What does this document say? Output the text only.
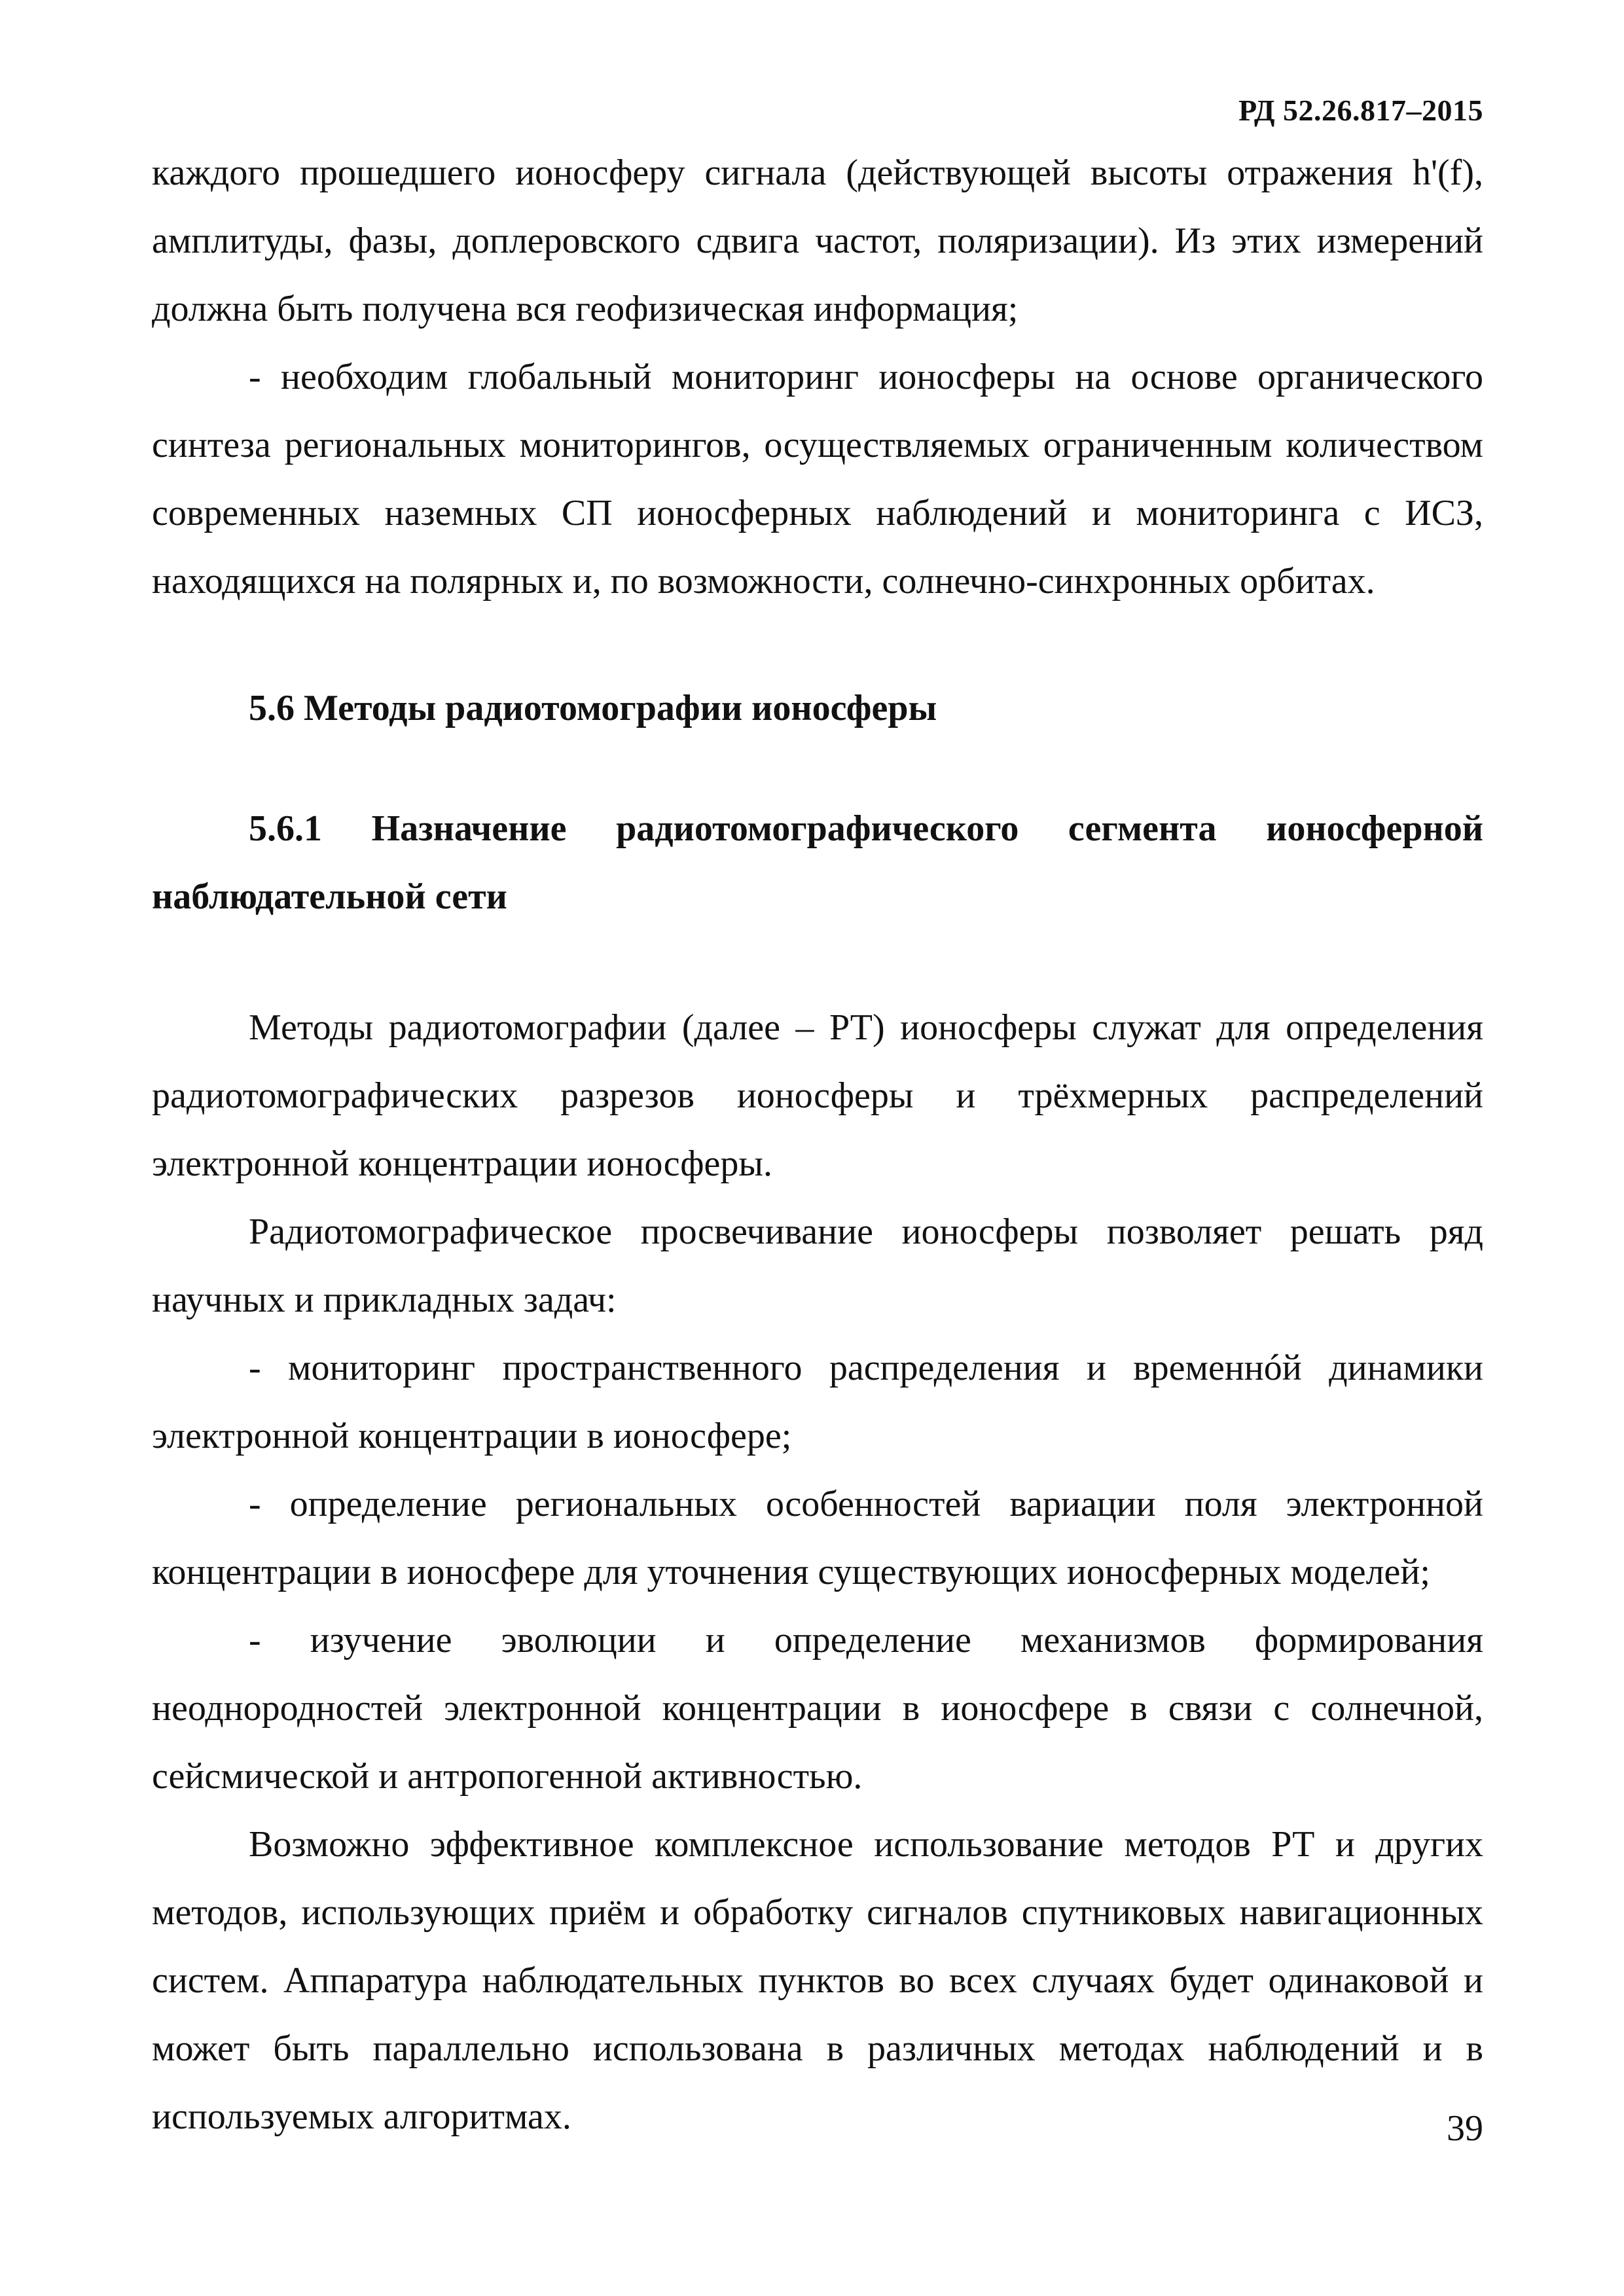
РД 52.26.817–2015

каждого прошедшего ионосферу сигнала (действующей высоты отражения h'(f), амплитуды, фазы, доплеровского сдвига частот, поляризации). Из этих измерений должна быть получена вся геофизическая информация;

- необходим глобальный мониторинг ионосферы на основе органического синтеза региональных мониторингов, осуществляемых ограниченным количеством современных наземных СП ионосферных наблюдений и мониторинга с ИСЗ, находящихся на полярных и, по возможности, солнечно-синхронных орбитах.

5.6 Методы радиотомографии ионосферы

5.6.1 Назначение радиотомографического сегмента ионосферной наблюдательной сети

Методы радиотомографии (далее – РТ) ионосферы служат для определения радиотомографических разрезов ионосферы и трёхмерных распределений электронной концентрации ионосферы.

Радиотомографическое просвечивание ионосферы позволяет решать ряд научных и прикладных задач:

- мониторинг пространственного распределения и временнóй динамики электронной концентрации в ионосфере;

- определение региональных особенностей вариации поля электронной концентрации в ионосфере для уточнения существующих ионосферных моделей;

- изучение эволюции и определение механизмов формирования неоднородностей электронной концентрации в ионосфере в связи с солнечной, сейсмической и антропогенной активностью.

Возможно эффективное комплексное использование методов РТ и других методов, использующих приём и обработку сигналов спутниковых навигационных систем. Аппаратура наблюдательных пунктов во всех случаях будет одинаковой и может быть параллельно использована в различных методах наблюдений и в используемых алгоритмах.	39
